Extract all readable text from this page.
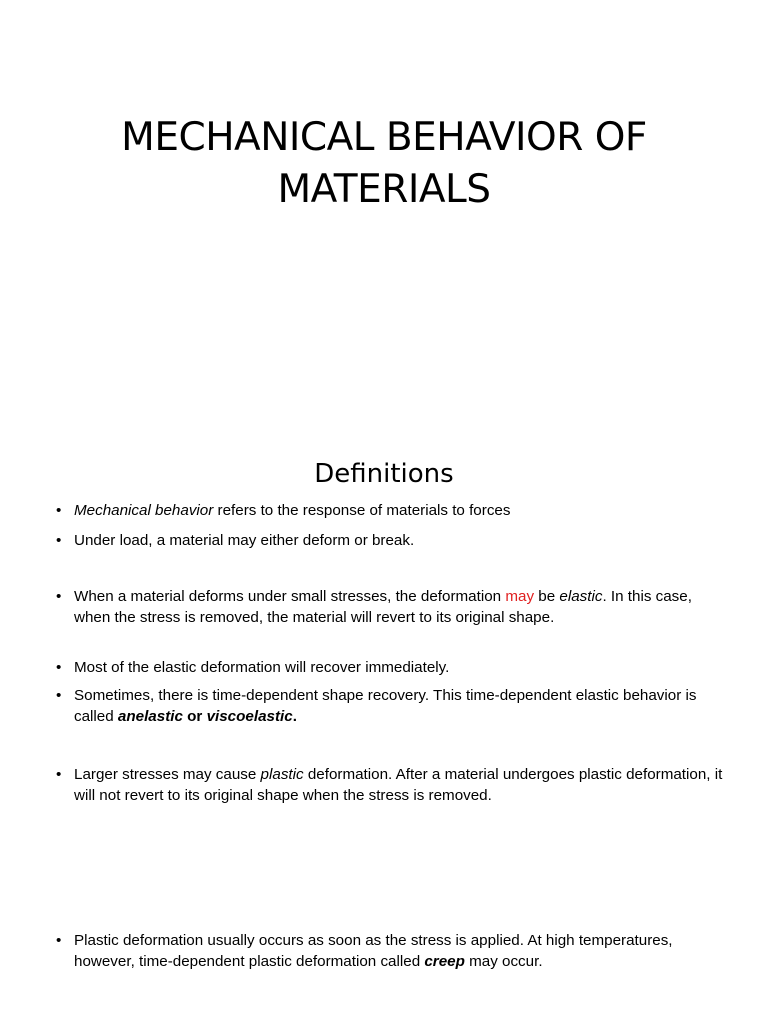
MECHANICAL BEHAVIOR OF
MATERIALS
Definitions
• Mechanical behavior refers to the response of materials to forces
• Under load, a material may either deform or break.
• When a material deforms under small stresses, the deformation may be elastic. In this case, when the stress is removed, the material will revert to its original shape.
• Most of the elastic deformation will recover immediately.
• Sometimes, there is time-dependent shape recovery. This time-dependent elastic behavior is called anelastic or viscoelastic.
• Larger stresses may cause plastic deformation. After a material undergoes plastic deformation, it will not revert to its original shape when the stress is removed.
• Plastic deformation usually occurs as soon as the stress is applied. At high temperatures, however, time-dependent plastic deformation called creep may occur.
